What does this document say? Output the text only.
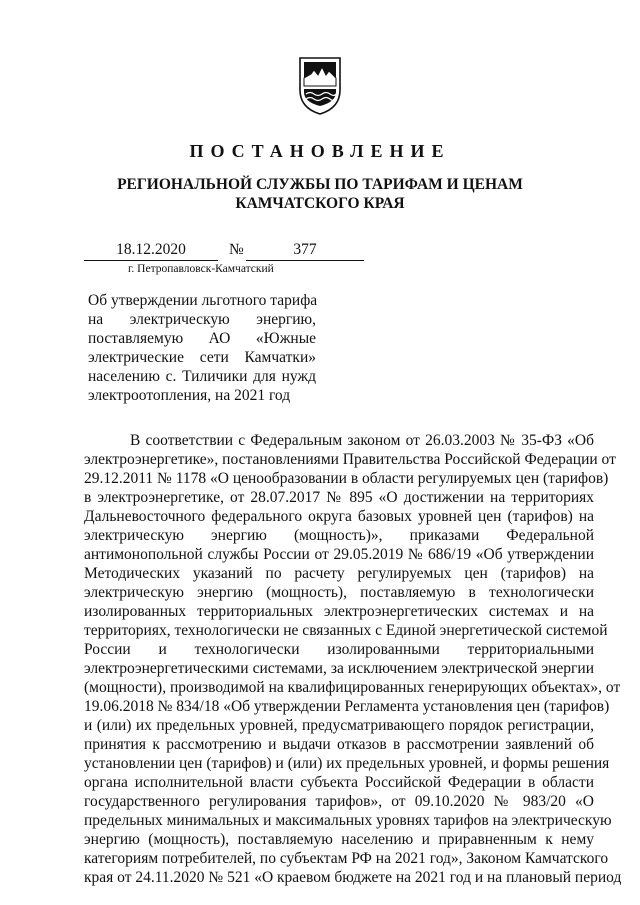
ПОСТАНОВЛЕНИЕ
РЕГИОНАЛЬНОЙ СЛУЖБЫ ПО ТАРИФАМ И ЦЕНАМ
КАМЧАТСКОГО КРАЯ
18.12.2020	№	377
г. Петропавловск-Камчатский
Об утверждении льготного тарифа
на электрическую энергию,
поставляемую АО «Южные
электрические сети Камчатки»
населению с. Тиличики для нужд
электроотопления, на 2021 год
В соответствии с Федеральным законом от 26.03.2003 № 35-ФЗ «Об
электроэнергетике», постановлениями Правительства Российской Федерации от
29.12.2011 № 1178 «О ценообразовании в области регулируемых цен (тарифов)
в электроэнергетике, от 28.07.2017 № 895 «О достижении на территориях
Дальневосточного федерального округа базовых уровней цен (тарифов) на
электрическую энергию (мощность)», приказами Федеральной
антимонопольной службы России от 29.05.2019 № 686/19 «Об утверждении
Методических указаний по расчету регулируемых цен (тарифов) на
электрическую энергию (мощность), поставляемую в технологически
изолированных территориальных электроэнергетических системах и на
территориях, технологически не связанных с Единой энергетической системой
России и технологически изолированными территориальными
электроэнергетическими системами, за исключением электрической энергии
(мощности), производимой на квалифицированных генерирующих объектах», от
19.06.2018 № 834/18 «Об утверждении Регламента установления цен (тарифов)
и (или) их предельных уровней, предусматривающего порядок регистрации,
принятия к рассмотрению и выдачи отказов в рассмотрении заявлений об
установлении цен (тарифов) и (или) их предельных уровней, и формы решения
органа исполнительной власти субъекта Российской Федерации в области
государственного регулирования тарифов», от 09.10.2020 № 983/20 «О
предельных минимальных и максимальных уровнях тарифов на электрическую
энергию (мощность), поставляемую населению и приравненным к нему
категориям потребителей, по субъектам РФ на 2021 год», Законом Камчатского
края от 24.11.2020 № 521 «О краевом бюджете на 2021 год и на плановый период
